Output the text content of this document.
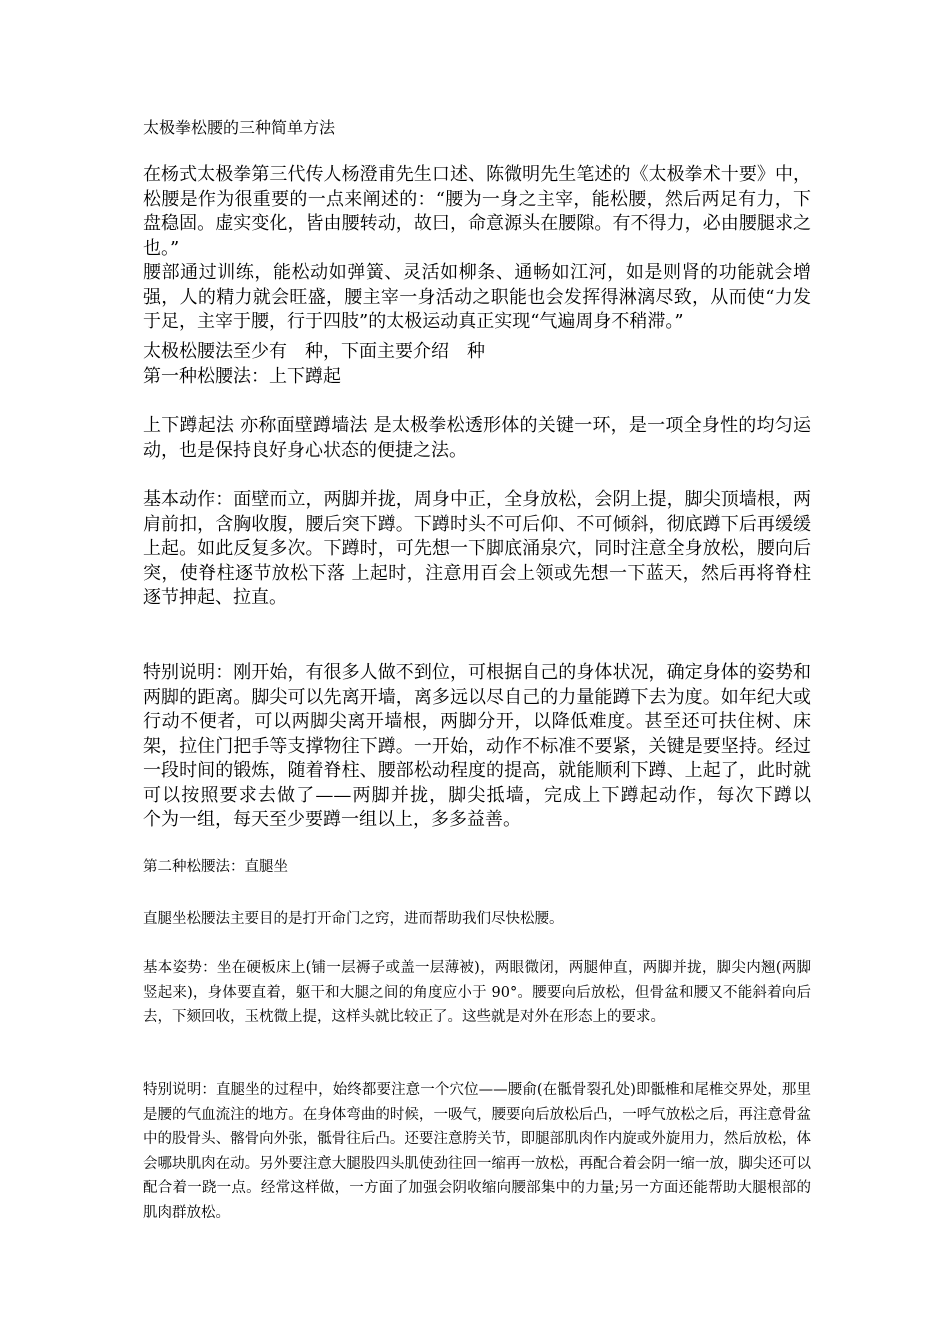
太极拳松腰的三种简单方法

在杨式太极拳第三代传人杨澄甫先生口述、陈微明先生笔述的《太极拳术十要》中，松腰是作为很重要的一点来阐述的：“腰为一身之主宰，能松腰，然后两足有力，下盘稳固。虚实变化，皆由腰转动，故曰，命意源头在腰隙。有不得力，必由腰腿求之也。”

腰部通过训练，能松动如弹簧、灵活如柳条、通畅如江河，如是则肾的功能就会增强，人的精力就会旺盛，腰主宰一身活动之职能也会发挥得淋漓尽致，从而使“力发于足，主宰于腰，行于四肢”的太极运动真正实现“气遍周身不稍滞。”

太极松腰法至少有　种，下面主要介绍　种

第一种松腰法：上下蹲起

上下蹲起法 亦称面壁蹲墙法 是太极拳松透形体的关键一环，是一项全身性的均匀运动，也是保持良好身心状态的便捷之法。

基本动作：面壁而立，两脚并拢，周身中正，全身放松，会阴上提，脚尖顶墙根，两肩前扣，含胸收腹，腰后突下蹲。下蹲时头不可后仰、不可倾斜，彻底蹲下后再缓缓上起。如此反复多次。下蹲时，可先想一下脚底涌泉穴，同时注意全身放松，腰向后突，使脊柱逐节放松下落 上起时，注意用百会上领或先想一下蓝天，然后再将脊柱逐节抻起、拉直。

特别说明：刚开始，有很多人做不到位，可根据自己的身体状况，确定身体的姿势和两脚的距离。脚尖可以先离开墙，离多远以尽自己的力量能蹲下去为度。如年纪大或行动不便者，可以两脚尖离开墙根，两脚分开，以降低难度。甚至还可扶住树、床架，拉住门把手等支撑物往下蹲。一开始，动作不标准不要紧，关键是要坚持。经过一段时间的锻炼，随着脊柱、腰部松动程度的提高，就能顺利下蹲、上起了，此时就可以按照要求去做了——两脚并拢，脚尖抵墙，完成上下蹲起动作，每次下蹲以　　个为一组，每天至少要蹲一组以上，多多益善。

第二种松腰法：直腿坐

直腿坐松腰法主要目的是打开命门之窍，进而帮助我们尽快松腰。

基本姿势：坐在硬板床上(铺一层褥子或盖一层薄被)，两眼微闭，两腿伸直，两脚并拢，脚尖内翘(两脚竖起来)，身体要直着，躯干和大腿之间的角度应小于 90°。腰要向后放松，但骨盆和腰又不能斜着向后去，下颏回收，玉枕微上提，这样头就比较正了。这些就是对外在形态上的要求。

特别说明：直腿坐的过程中，始终都要注意一个穴位——腰俞(在骶骨裂孔处)即骶椎和尾椎交界处，那里是腰的气血流注的地方。在身体弯曲的时候，一吸气，腰要向后放松后凸，一呼气放松之后，再注意骨盆中的股骨头、髂骨向外张，骶骨往后凸。还要注意胯关节，即腿部肌肉作内旋或外旋用力，然后放松，体会哪块肌肉在动。另外要注意大腿股四头肌使劲往回一缩再一放松，再配合着会阴一缩一放，脚尖还可以配合着一跷一点。经常这样做，一方面了加强会阴收缩向腰部集中的力量;另一方面还能帮助大腿根部的肌肉群放松。
